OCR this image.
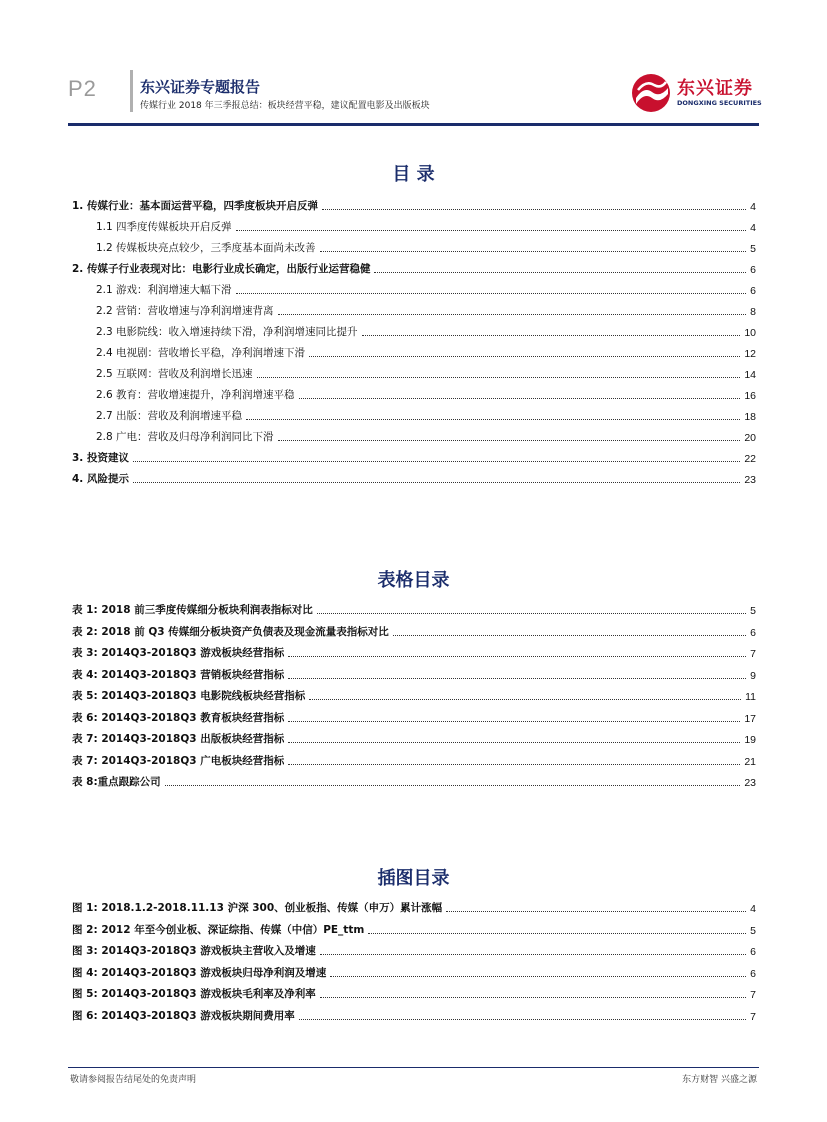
P2	东兴证券专题报告
传媒行业 2018 年三季报总结：板块经营平稳，建议配置电影及出版板块
东兴证券
DONGXING SECURITIES
目 录
1. 传媒行业：基本面运营平稳，四季度板块开启反弹	4
1.1 四季度传媒板块开启反弹	4
1.2 传媒板块亮点较少，三季度基本面尚未改善	5
2. 传媒子行业表现对比：电影行业成长确定，出版行业运营稳健	6
2.1 游戏：利润增速大幅下滑	6
2.2 营销：营收增速与净利润增速背离	8
2.3 电影院线：收入增速持续下滑，净利润增速同比提升	10
2.4 电视剧：营收增长平稳，净利润增速下滑	12
2.5 互联网：营收及利润增长迅速	14
2.6 教育：营收增速提升，净利润增速平稳	16
2.7 出版：营收及利润增速平稳	18
2.8 广电：营收及归母净利润同比下滑	20
3. 投资建议	22
4. 风险提示	23
表格目录
表 1: 2018 前三季度传媒细分板块利润表指标对比	5
表 2: 2018 前 Q3 传媒细分板块资产负债表及现金流量表指标对比	6
表 3: 2014Q3-2018Q3 游戏板块经营指标	7
表 4: 2014Q3-2018Q3 营销板块经营指标	9
表 5: 2014Q3-2018Q3 电影院线板块经营指标	11
表 6: 2014Q3-2018Q3 教育板块经营指标	17
表 7: 2014Q3-2018Q3 出版板块经营指标	19
表 7: 2014Q3-2018Q3 广电板块经营指标	21
表 8:重点跟踪公司	23
插图目录
图 1: 2018.1.2-2018.11.13 沪深 300、创业板指、传媒（申万）累计涨幅	4
图 2: 2012 年至今创业板、深证综指、传媒（中信）PE_ttm	5
图 3: 2014Q3-2018Q3 游戏板块主营收入及增速	6
图 4: 2014Q3-2018Q3 游戏板块归母净利润及增速	6
图 5: 2014Q3-2018Q3 游戏板块毛利率及净利率	7
图 6: 2014Q3-2018Q3 游戏板块期间费用率	7
敬请参阅报告结尾处的免责声明	东方财智 兴盛之源
